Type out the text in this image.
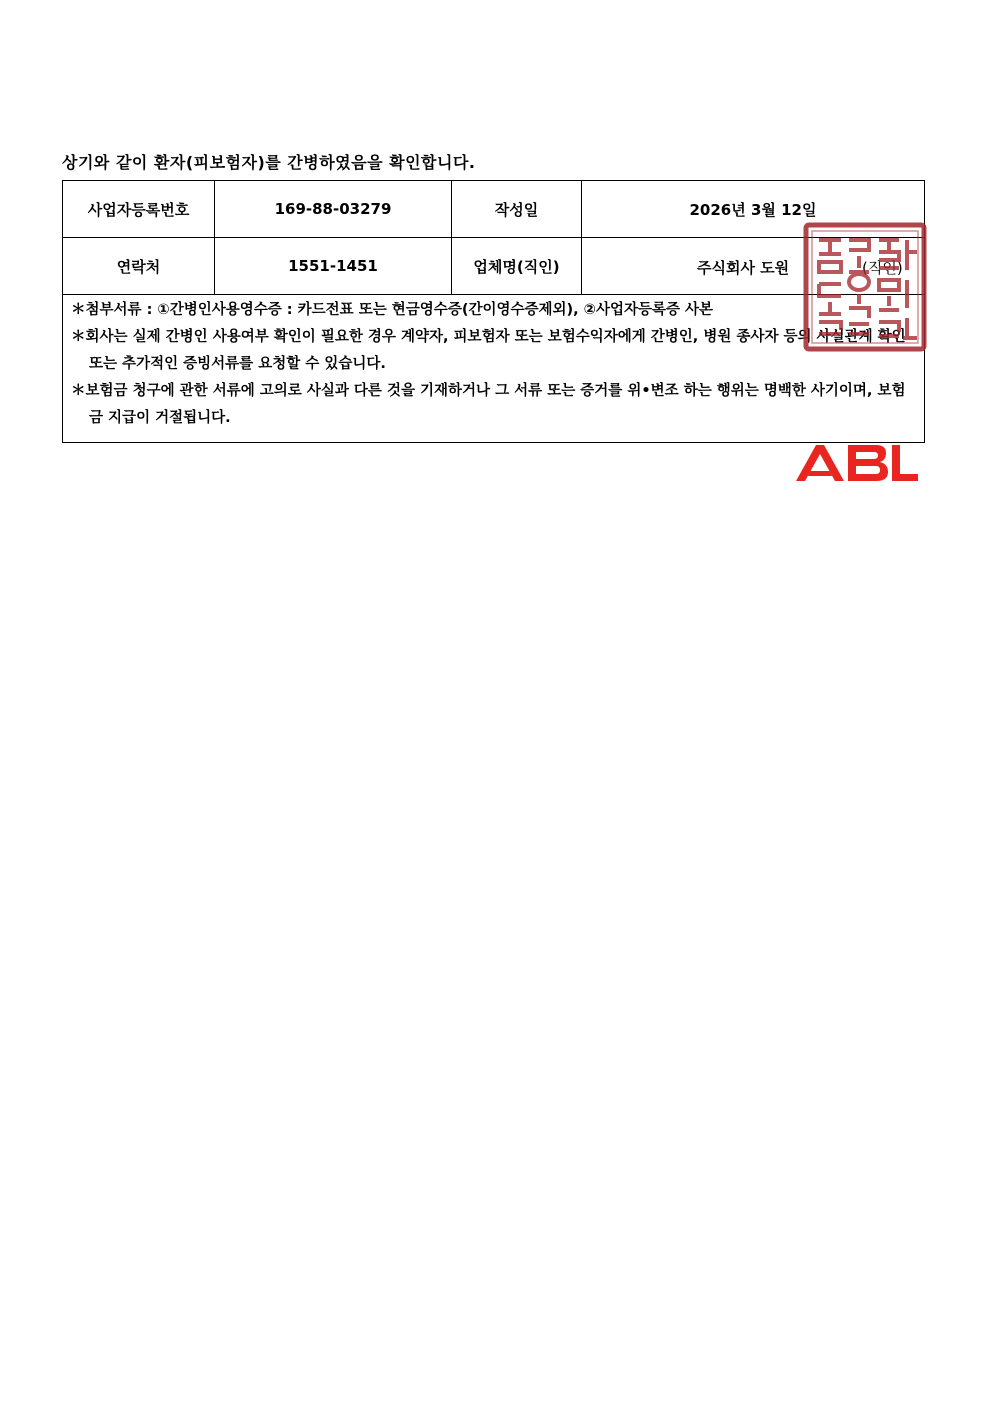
상기와 같이 환자(피보험자)를 간병하였음을 확인합니다.
사업자등록번호	169-88-03279	작성일	2026년 3월 12일
연락처	1551-1451	업체명(직인)	주식회사 도원 (직인)

＊첨부서류 : ①간병인사용영수증 : 카드전표 또는 현금영수증(간이영수증제외), ②사업자등록증 사본
＊회사는 실제 간병인 사용여부 확인이 필요한 경우 계약자, 피보험자 또는 보험수익자에게 간병인, 병원 종사자 등의 사실관계 확인 또는 추가적인 증빙서류를 요청할 수 있습니다.
＊보험금 청구에 관한 서류에 고의로 사실과 다른 것을 기재하거나 그 서류 또는 증거를 위•변조 하는 행위는 명백한 사기이며, 보험금 지급이 거절됩니다.			
